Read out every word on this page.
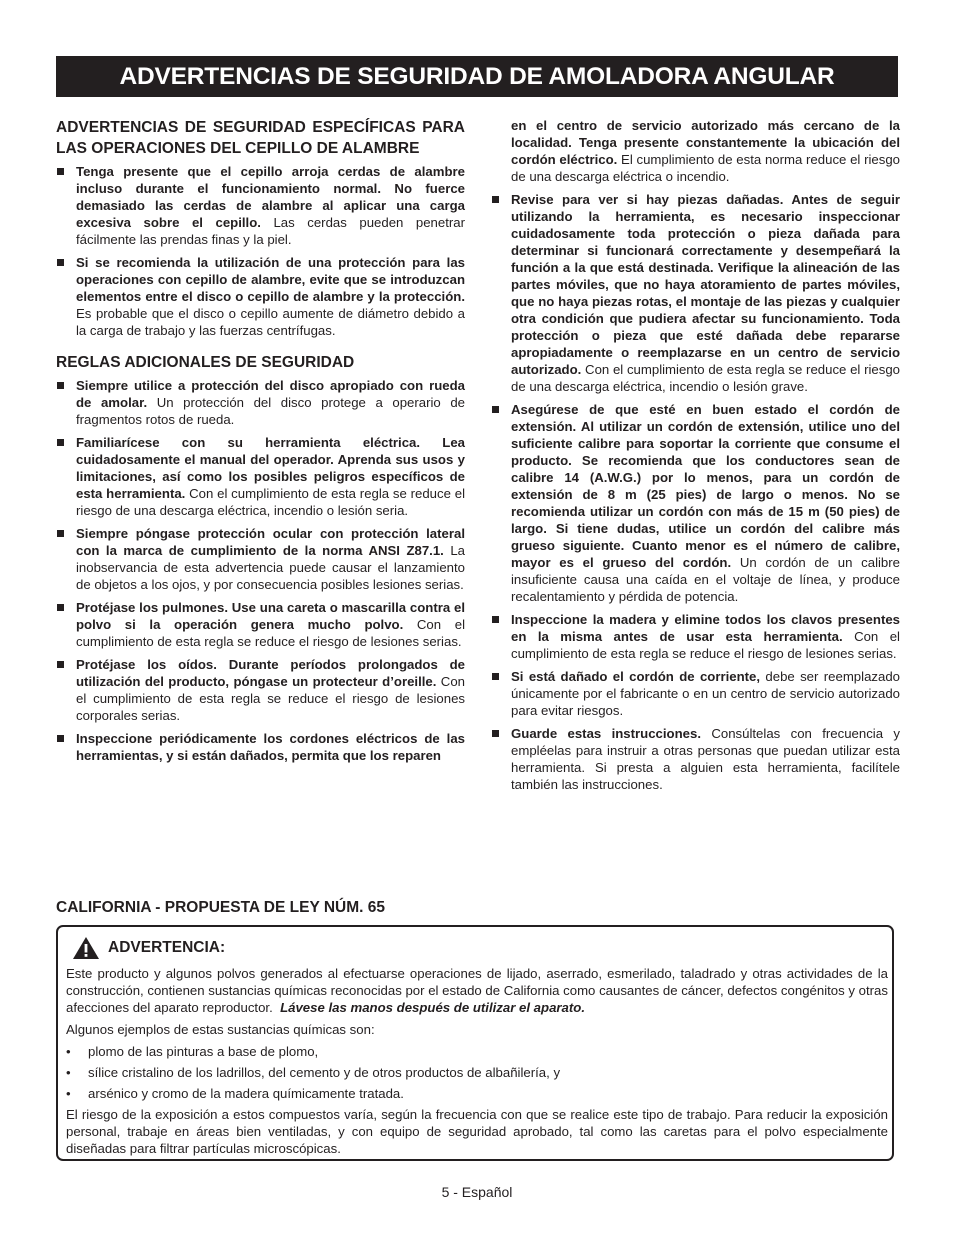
ADVERTENCIAS DE SEGURIDAD DE AMOLADORA ANGULAR
ADVERTENCIAS DE SEGURIDAD ESPECÍFICAS PARA LAS OPERACIONES DEL CEPILLO DE ALAMBRE
Tenga presente que el cepillo arroja cerdas de alambre incluso durante el funcionamiento normal. No fuerce demasiado las cerdas de alambre al aplicar una carga excesiva sobre el cepillo. Las cerdas pueden penetrar fácilmente las prendas finas y la piel.
Si se recomienda la utilización de una protección para las operaciones con cepillo de alambre, evite que se introduzcan elementos entre el disco o cepillo de alambre y la protección. Es probable que el disco o cepillo aumente de diámetro debido a la carga de trabajo y las fuerzas centrífugas.
REGLAS ADICIONALES DE SEGURIDAD
Siempre utilice a protección del disco apropiado con rueda de amolar. Un protección del disco protege a operario de fragmentos rotos de rueda.
Familiarícese con su herramienta eléctrica. Lea cuidadosamente el manual del operador. Aprenda sus usos y limitaciones, así como los posibles peligros específicos de esta herramienta. Con el cumplimiento de esta regla se reduce el riesgo de una descarga eléctrica, incendio o lesión seria.
Siempre póngase protección ocular con protección lateral con la marca de cumplimiento de la norma ANSI Z87.1. La inobservancia de esta advertencia puede causar el lanzamiento de objetos a los ojos, y por consecuencia posibles lesiones serias.
Protéjase los pulmones. Use una careta o mascarilla contra el polvo si la operación genera mucho polvo. Con el cumplimiento de esta regla se reduce el riesgo de lesiones serias.
Protéjase los oídos. Durante períodos prolongados de utilización del producto, póngase un protecteur d’oreille. Con el cumplimiento de esta regla se reduce el riesgo de lesiones corporales serias.
Inspeccione periódicamente los cordones eléctricos de las herramientas, y si están dañados, permita que los reparen
en el centro de servicio autorizado más cercano de la localidad. Tenga presente constantemente la ubicación del cordón eléctrico. El cumplimiento de esta norma reduce el riesgo de una descarga eléctrica o incendio.
Revise para ver si hay piezas dañadas. Antes de seguir utilizando la herramienta, es necesario inspeccionar cuidadosamente toda protección o pieza dañada para determinar si funcionará correctamente y desempeñará la función a la que está destinada. Verifique la alineación de las partes móviles, que no haya atoramiento de partes móviles, que no haya piezas rotas, el montaje de las piezas y cualquier otra condición que pudiera afectar su funcionamiento. Toda protección o pieza que esté dañada debe repararse apropiadamente o reemplazarse en un centro de servicio autorizado. Con el cumplimiento de esta regla se reduce el riesgo de una descarga eléctrica, incendio o lesión grave.
Asegúrese de que esté en buen estado el cordón de extensión. Al utilizar un cordón de extensión, utilice uno del suficiente calibre para soportar la corriente que consume el producto. Se recomienda que los conductores sean de calibre 14 (A.W.G.) por lo menos, para un cordón de extensión de 8 m (25 pies) de largo o menos. No se recomienda utilizar un cordón con más de 15 m (50 pies) de largo. Si tiene dudas, utilice un cordón del calibre más grueso siguiente. Cuanto menor es el número de calibre, mayor es el grueso del cordón. Un cordón de un calibre insuficiente causa una caída en el voltaje de línea, y produce recalentamiento y pérdida de potencia.
Inspeccione la madera y elimine todos los clavos presentes en la misma antes de usar esta herramienta. Con el cumplimiento de esta regla se reduce el riesgo de lesiones serias.
Si está dañado el cordón de corriente, debe ser reemplazado únicamente por el fabricante o en un centro de servicio autorizado para evitar riesgos.
Guarde estas instrucciones. Consúltelas con frecuencia y empléelas para instruir a otras personas que puedan utilizar esta herramienta. Si presta a alguien esta herramienta, facilítele también las instrucciones.
CALIFORNIA - PROPUESTA DE LEY NÚM. 65
ADVERTENCIA:

Este producto y algunos polvos generados al efectuarse operaciones de lijado, aserrado, esmerilado, taladrado y otras actividades de la construcción, contienen sustancias químicas reconocidas por el estado de California como causantes de cáncer, defectos congénitos y otras afecciones del aparato reproductor. Lávese las manos después de utilizar el aparato.

Algunos ejemplos de estas sustancias químicas son:

• plomo de las pinturas a base de plomo,

• sílice cristalino de los ladrillos, del cemento y de otros productos de albañilería, y

• arsénico y cromo de la madera químicamente tratada.

El riesgo de la exposición a estos compuestos varía, según la frecuencia con que se realice este tipo de trabajo. Para reducir la exposición personal, trabaje en áreas bien ventiladas, y con equipo de seguridad aprobado, tal como las caretas para el polvo especialmente diseñadas para filtrar partículas microscópicas.

5 - Español
